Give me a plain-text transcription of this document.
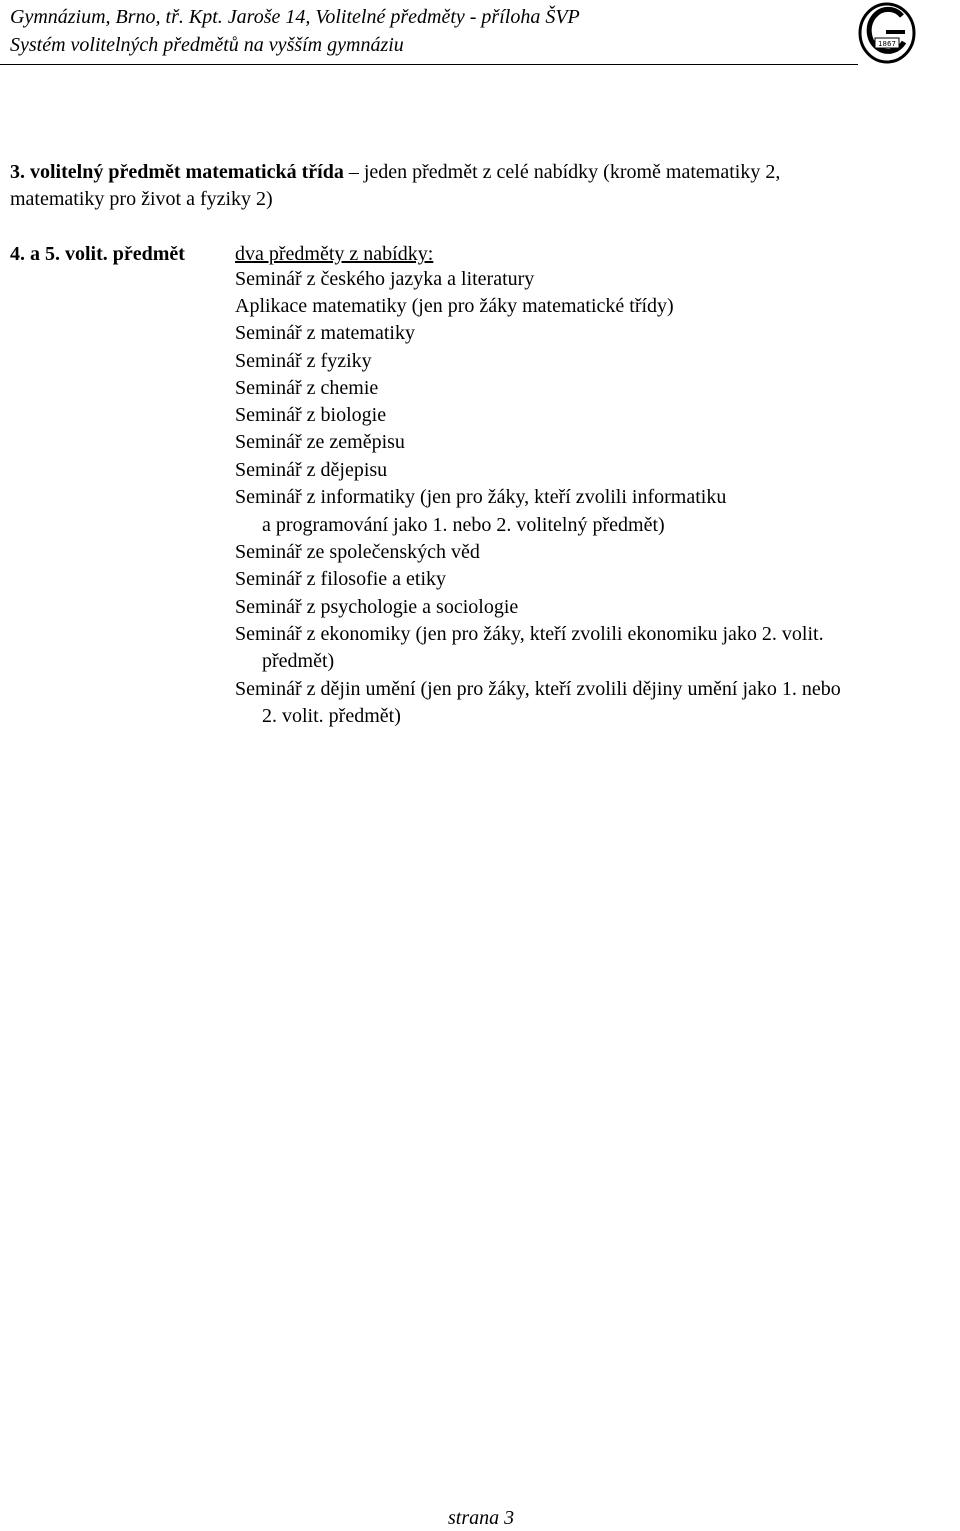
Gymnázium, Brno, tř. Kpt. Jaroše 14, Volitelné předměty - příloha ŠVP
Systém volitelných předmětů na vyšším gymnáziu	1867
3. volitelný předmět matematická třída – jeden předmět z celé nabídky (kromě matematiky 2,
matematiky pro život a fyziky 2)
4. a 5. volit. předmět	dva předměty z nabídky:
Seminář z českého jazyka a literatury
Aplikace matematiky (jen pro žáky matematické třídy)
Seminář z matematiky
Seminář z fyziky
Seminář z chemie
Seminář z biologie
Seminář ze zeměpisu
Seminář z dějepisu
Seminář z informatiky (jen pro žáky, kteří zvolili informatiku
a programování jako 1. nebo 2. volitelný předmět)
Seminář ze společenských věd
Seminář z filosofie a etiky
Seminář z psychologie a sociologie
Seminář z ekonomiky (jen pro žáky, kteří zvolili ekonomiku jako 2. volit.
předmět)
Seminář z dějin umění (jen pro žáky, kteří zvolili dějiny umění jako 1. nebo
2. volit. předmět)
strana 3
